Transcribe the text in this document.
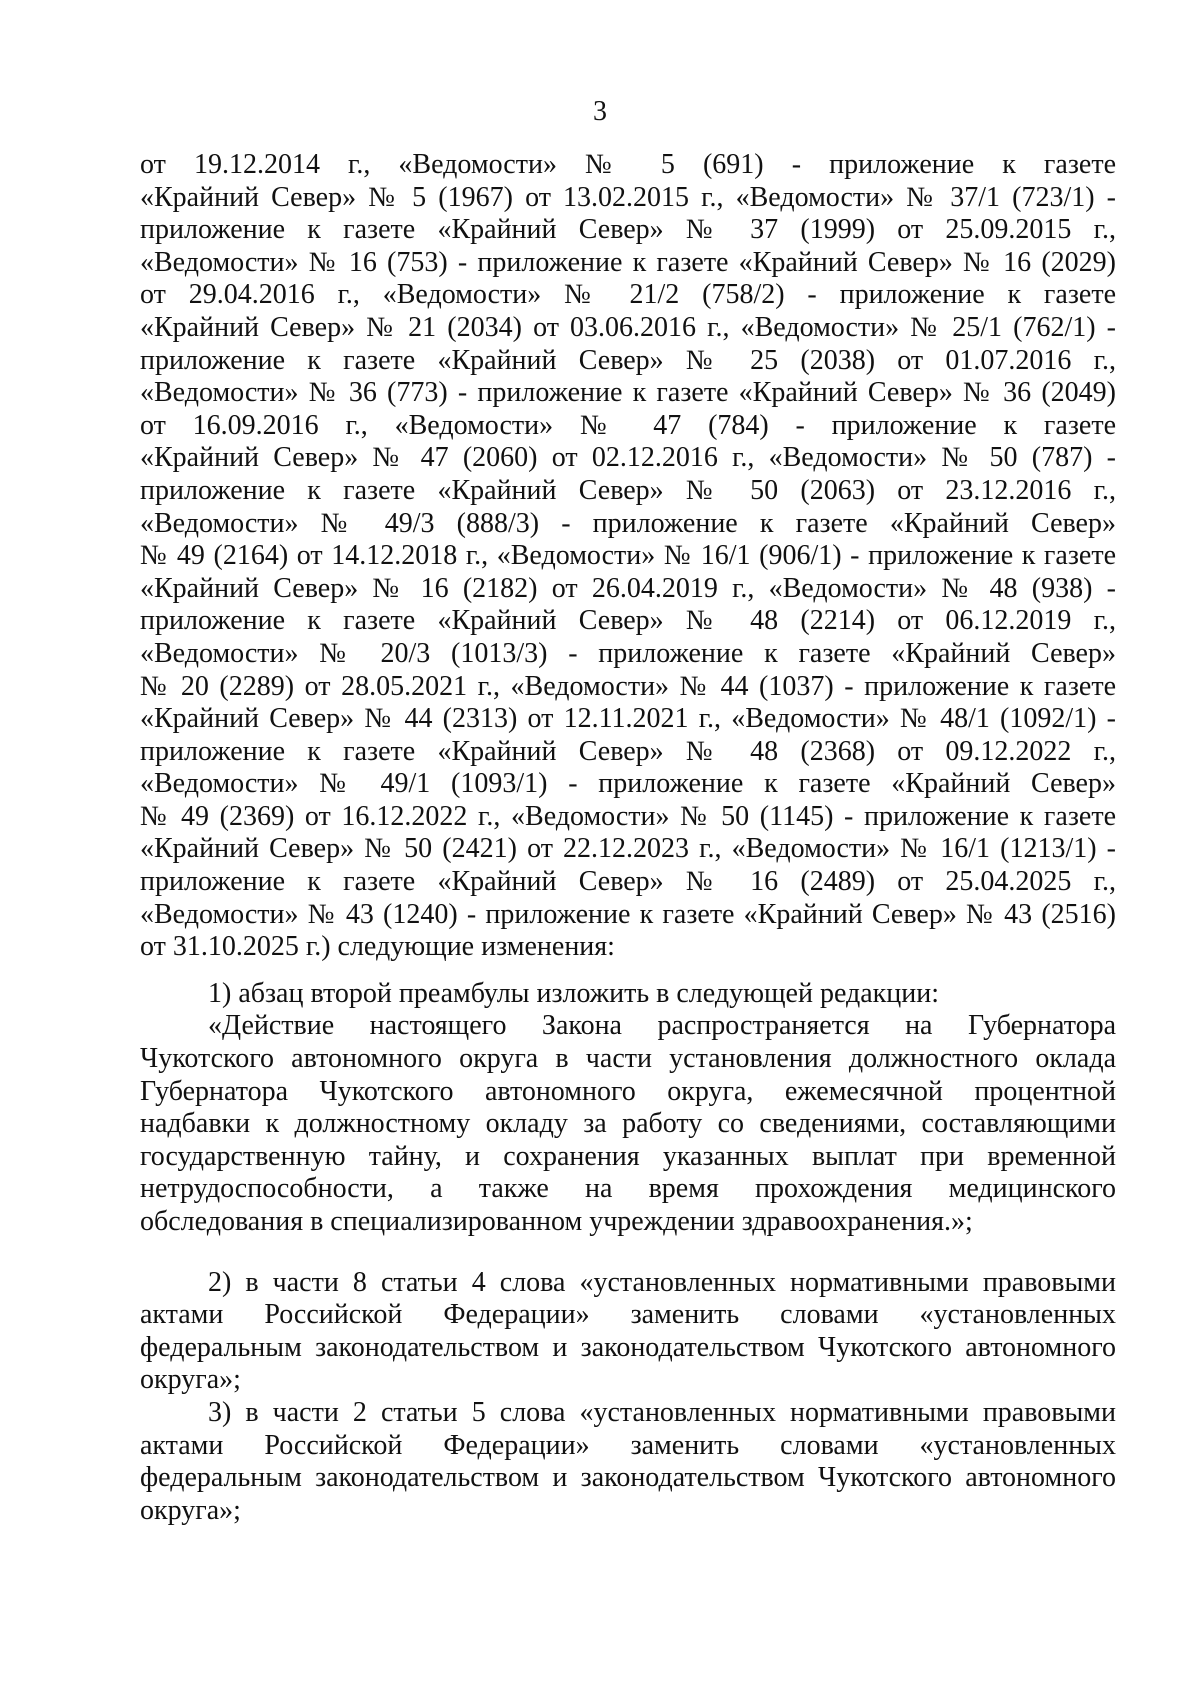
3
от 19.12.2014 г., «Ведомости» № 5 (691) - приложение к газете
«Крайний Север» № 5 (1967) от 13.02.2015 г., «Ведомости» № 37/1 (723/1) -
приложение к газете «Крайний Север» № 37 (1999) от 25.09.2015 г.,
«Ведомости» № 16 (753) - приложение к газете «Крайний Север» № 16 (2029)
от 29.04.2016 г., «Ведомости» № 21/2 (758/2) - приложение к газете
«Крайний Север» № 21 (2034) от 03.06.2016 г., «Ведомости» № 25/1 (762/1) -
приложение к газете «Крайний Север» № 25 (2038) от 01.07.2016 г.,
«Ведомости» № 36 (773) - приложение к газете «Крайний Север» № 36 (2049)
от 16.09.2016 г., «Ведомости» № 47 (784) - приложение к газете
«Крайний Север» № 47 (2060) от 02.12.2016 г., «Ведомости» № 50 (787) -
приложение к газете «Крайний Север» № 50 (2063) от 23.12.2016 г.,
«Ведомости» № 49/3 (888/3) - приложение к газете «Крайний Север»
№ 49 (2164) от 14.12.2018 г., «Ведомости» № 16/1 (906/1) - приложение к газете
«Крайний Север» № 16 (2182) от 26.04.2019 г., «Ведомости» № 48 (938) -
приложение к газете «Крайний Север» № 48 (2214) от 06.12.2019 г.,
«Ведомости» № 20/3 (1013/3) - приложение к газете «Крайний Север»
№ 20 (2289) от 28.05.2021 г., «Ведомости» № 44 (1037) - приложение к газете
«Крайний Север» № 44 (2313) от 12.11.2021 г., «Ведомости» № 48/1 (1092/1) -
приложение к газете «Крайний Север» № 48 (2368) от 09.12.2022 г.,
«Ведомости» № 49/1 (1093/1) - приложение к газете «Крайний Север»
№ 49 (2369) от 16.12.2022 г., «Ведомости» № 50 (1145) - приложение к газете
«Крайний Север» № 50 (2421) от 22.12.2023 г., «Ведомости» № 16/1 (1213/1) -
приложение к газете «Крайний Север» № 16 (2489) от 25.04.2025 г.,
«Ведомости» № 43 (1240) - приложение к газете «Крайний Север» № 43 (2516)
от 31.10.2025 г.) следующие изменения:
1) абзац второй преамбулы изложить в следующей редакции:
«Действие настоящего Закона распространяется на Губернатора
Чукотского автономного округа в части установления должностного оклада
Губернатора Чукотского автономного округа, ежемесячной процентной
надбавки к должностному окладу за работу со сведениями, составляющими
государственную тайну, и сохранения указанных выплат при временной
нетрудоспособности, а также на время прохождения медицинского
обследования в специализированном учреждении здравоохранения.»;
2) в части 8 статьи 4 слова «установленных нормативными правовыми
актами Российской Федерации» заменить словами «установленных
федеральным законодательством и законодательством Чукотского автономного
округа»;
3) в части 2 статьи 5 слова «установленных нормативными правовыми
актами Российской Федерации» заменить словами «установленных
федеральным законодательством и законодательством Чукотского автономного
округа»;
